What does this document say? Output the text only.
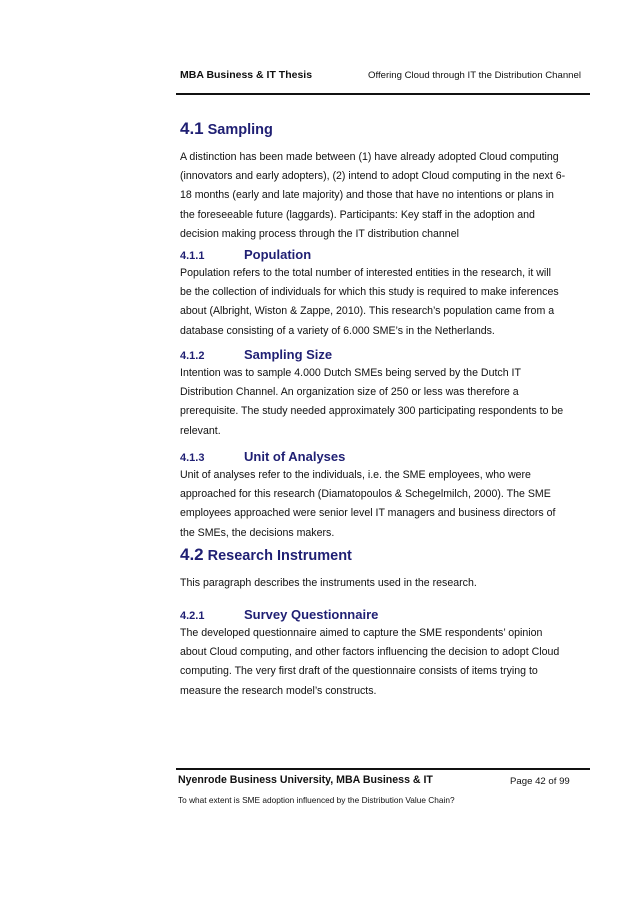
MBA Business & IT Thesis	Offering Cloud through IT the Distribution Channel
4.1 Sampling
A distinction has been made between (1) have already adopted Cloud computing
(innovators and early adopters), (2) intend to adopt Cloud computing in the next 6-
18 months (early and late majority) and those that have no intentions or plans in
the foreseeable future (laggards). Participants: Key staff in the adoption and
decision making process through the IT distribution channel
4.1.1	Population
Population refers to the total number of interested entities in the research, it will
be the collection of individuals for which this study is required to make inferences
about (Albright, Wiston & Zappe, 2010). This research’s population came from a
database consisting of a variety of 6.000 SME’s in the Netherlands.
4.1.2	Sampling Size
Intention was to sample 4.000 Dutch SMEs being served by the Dutch IT
Distribution Channel. An organization size of 250 or less was therefore a
prerequisite. The study needed approximately 300 participating respondents to be
relevant.
4.1.3	Unit of Analyses
Unit of analyses refer to the individuals, i.e. the SME employees, who were
approached for this research (Diamatopoulos & Schegelmilch, 2000). The SME
employees approached were senior level IT managers and business directors of
the SMEs, the decisions makers.
4.2 Research Instrument
This paragraph describes the instruments used in the research.
4.2.1	Survey Questionnaire
The developed questionnaire aimed to capture the SME respondents’ opinion
about Cloud computing, and other factors influencing the decision to adopt Cloud
computing. The very first draft of the questionnaire consists of items trying to
measure the research model’s constructs.
Nyenrode Business University, MBA Business & IT	Page 42 of 99
To what extent is SME adoption influenced by the Distribution Value Chain?
